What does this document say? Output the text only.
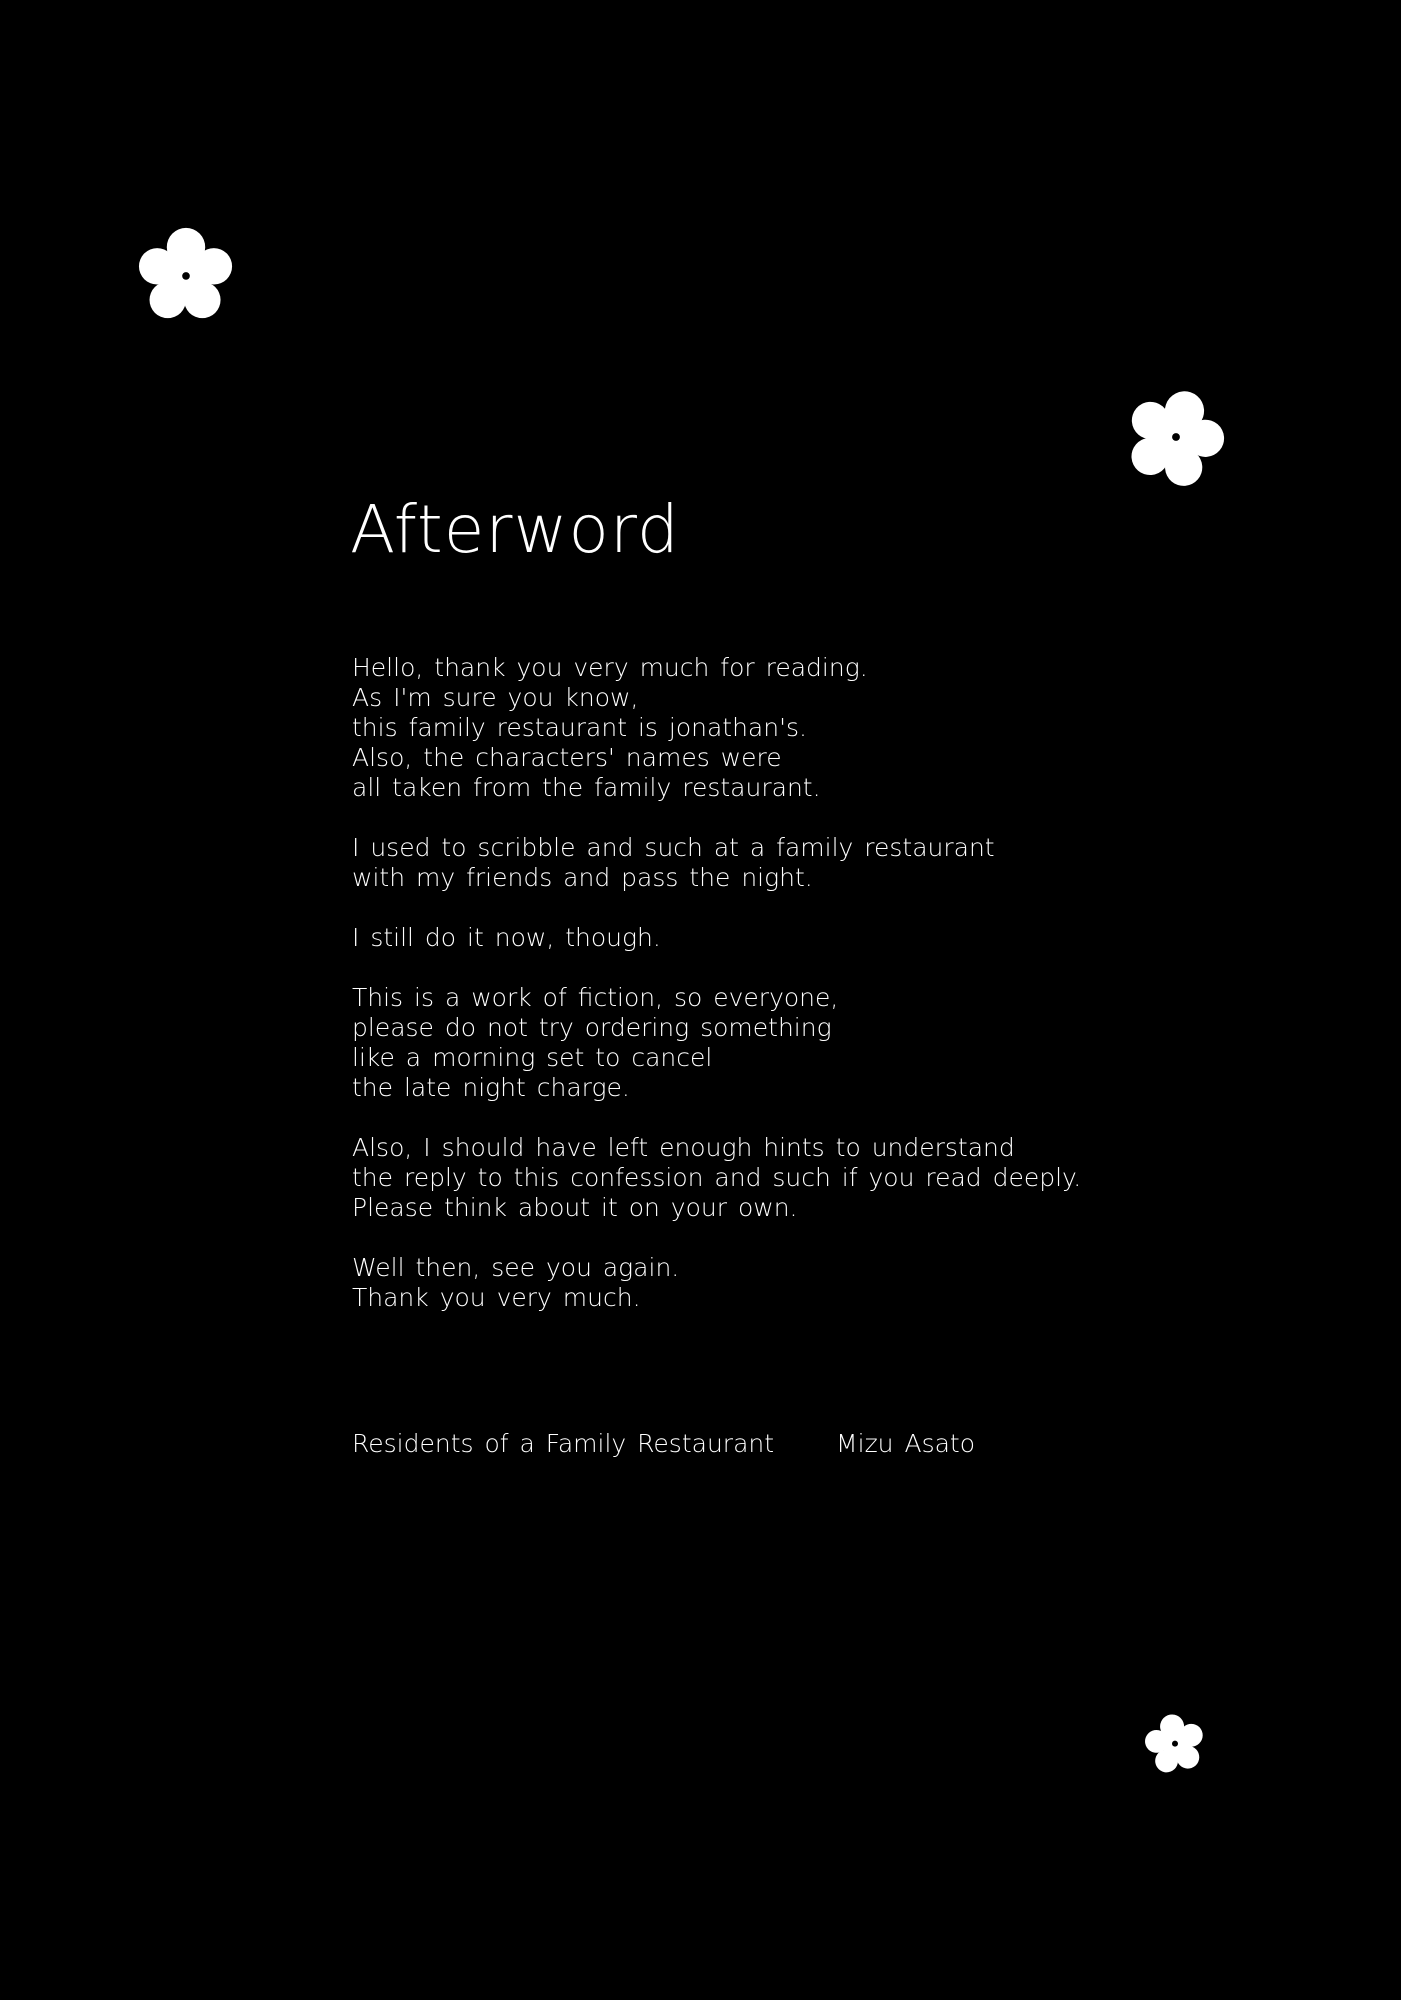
Afterword

Hello, thank you very much for reading.
As I'm sure you know,
this family restaurant is jonathan's.
Also, the characters' names were
all taken from the family restaurant.

I used to scribble and such at a family restaurant
with my friends and pass the night.

I still do it now, though.

This is a work of fiction, so everyone,
please do not try ordering something
like a morning set to cancel
the late night charge.

Also, I should have left enough hints to understand
the reply to this confession and such if you read deeply.
Please think about it on your own.

Well then, see you again.
Thank you very much.

Residents of a Family Restaurant Mizu Asato
